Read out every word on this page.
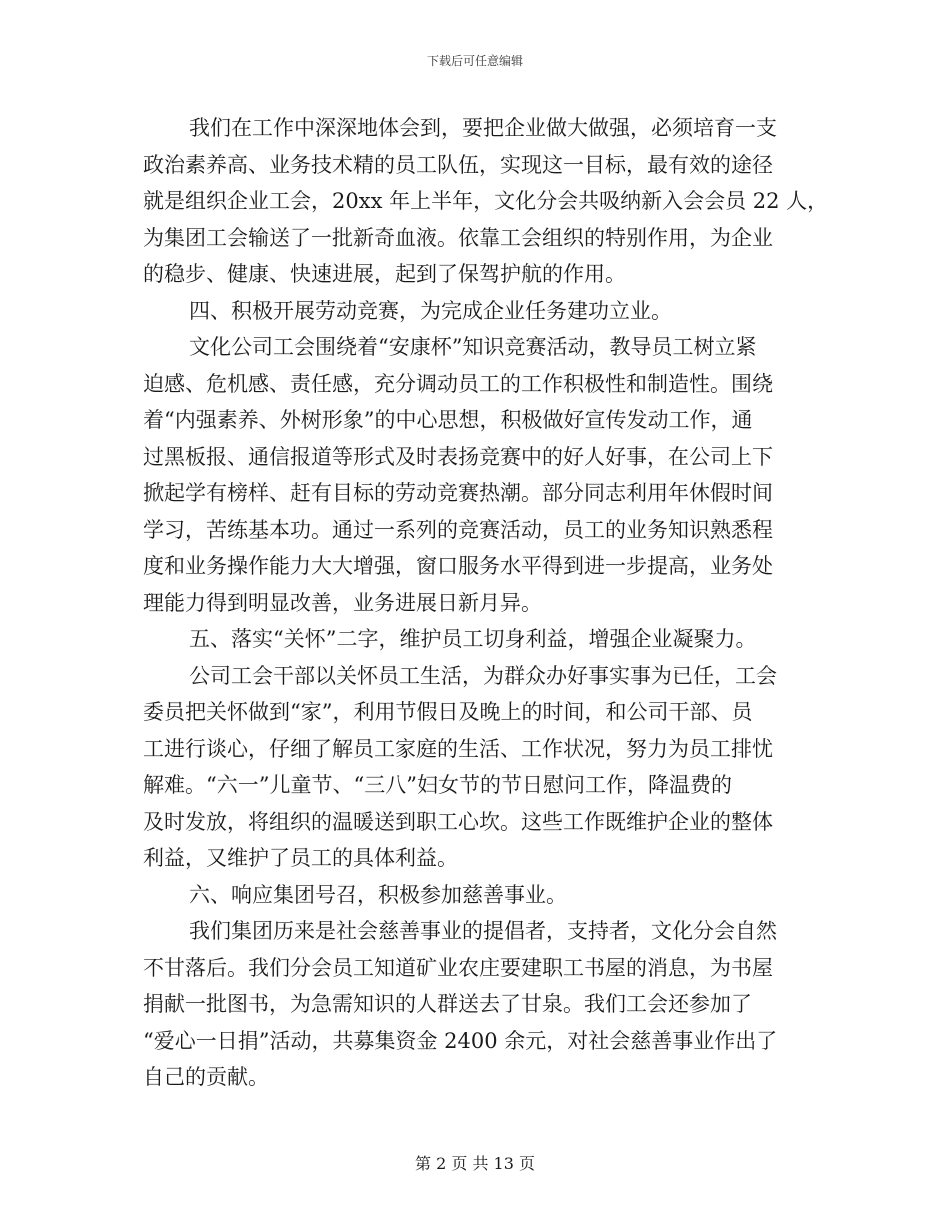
下载后可任意编辑
我们在工作中深深地体会到，要把企业做大做强，必须培育一支
政治素养高、业务技术精的员工队伍，实现这一目标，最有效的途径
就是组织企业工会，20xx 年上半年，文化分会共吸纳新入会会员 22 人，
为集团工会输送了一批新奇血液。依靠工会组织的特别作用，为企业
的稳步、健康、快速进展，起到了保驾护航的作用。
四、积极开展劳动竞赛，为完成企业任务建功立业。
文化公司工会围绕着“安康杯”知识竞赛活动，教导员工树立紧
迫感、危机感、责任感，充分调动员工的工作积极性和制造性。围绕
着“内强素养、外树形象”的中心思想，积极做好宣传发动工作，通
过黑板报、通信报道等形式及时表扬竞赛中的好人好事，在公司上下
掀起学有榜样、赶有目标的劳动竞赛热潮。部分同志利用年休假时间
学习，苦练基本功。通过一系列的竞赛活动，员工的业务知识熟悉程
度和业务操作能力大大增强，窗口服务水平得到进一步提高，业务处
理能力得到明显改善，业务进展日新月异。
五、落实“关怀”二字，维护员工切身利益，增强企业凝聚力。
公司工会干部以关怀员工生活，为群众办好事实事为已任，工会
委员把关怀做到“家”，利用节假日及晚上的时间，和公司干部、员
工进行谈心，仔细了解员工家庭的生活、工作状况，努力为员工排忧
解难。“六一”儿童节、“三八”妇女节的节日慰问工作，降温费的
及时发放，将组织的温暖送到职工心坎。这些工作既维护企业的整体
利益，又维护了员工的具体利益。
六、响应集团号召，积极参加慈善事业。
我们集团历来是社会慈善事业的提倡者，支持者，文化分会自然
不甘落后。我们分会员工知道矿业农庄要建职工书屋的消息，为书屋
捐献一批图书，为急需知识的人群送去了甘泉。我们工会还参加了
“爱心一日捐”活动，共募集资金 2400 余元，对社会慈善事业作出了
自己的贡献。
第 2 页 共 13 页
